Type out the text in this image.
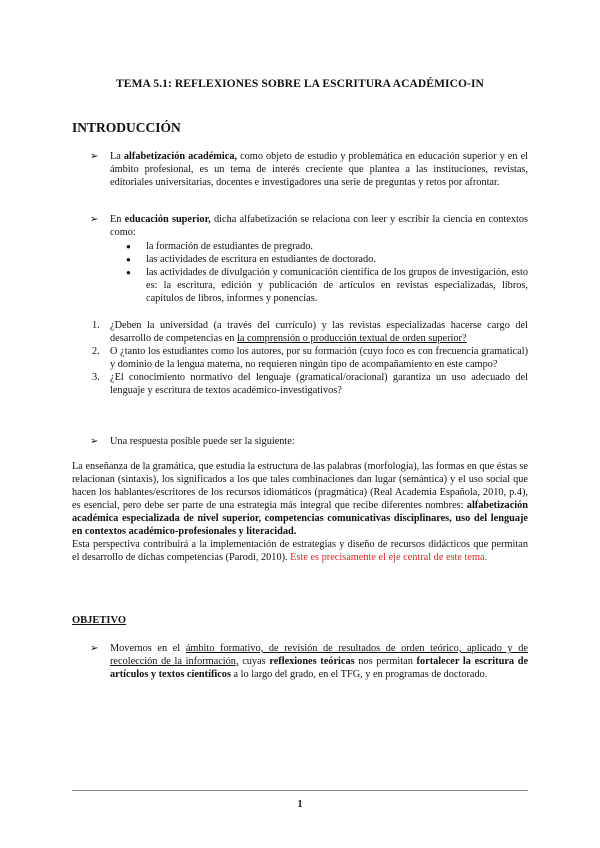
TEMA 5.1: REFLEXIONES SOBRE LA ESCRITURA ACADÉMICO-IN
INTRODUCCIÓN
➢ La alfabetización académica, como objeto de estudio y problemática en educación superior y en el ámbito profesional, es un tema de interés creciente que plantea a las instituciones, revistas, editoriales universitarias, docentes e investigadores una serie de preguntas y retos por afrontar.
➢ En educación superior, dicha alfabetización se relaciona con leer y escribir la ciencia en contextos como:
● la formación de estudiantes de pregrado.
● las actividades de escritura en estudiantes de doctorado.
● las actividades de divulgación y comunicación científica de los grupos de investigación, esto es: la escritura, edición y publicación de artículos en revistas especializadas, libros, capítulos de libros, informes y ponencias.
1. ¿Deben la universidad (a través del currículo) y las revistas especializadas hacerse cargo del desarrollo de competencias en la comprensión o producción textual de orden superior?
2. O ¿tanto los estudiantes como los autores, por su formación (cuyo foco es con frecuencia gramatical) y dominio de la lengua materna, no requieren ningún tipo de acompañamiento en este campo?
3. ¿El conocimiento normativo del lenguaje (gramatical/oracional) garantiza un uso adecuado del lenguaje y escritura de textos académico-investigativos?
➢ Una respuesta posible puede ser la siguiente:
La enseñanza de la gramática, que estudia la estructura de las palabras (morfología), las formas en que éstas se relacionan (sintaxis), los significados a los que tales combinaciones dan lugar (semántica) y el uso social que hacen los hablantes/escritores de los recursos idiomáticos (pragmática) (Real Academia Española, 2010, p.4), es esencial, pero debe ser parte de una estrategia más integral que recibe diferentes nombres: alfabetización académica especializada de nivel superior, competencias comunicativas disciplinares, uso del lenguaje en contextos académico-profesionales y literacidad.
Esta perspectiva contribuirá a la implementación de estrategias y diseño de recursos didácticos que permitan el desarrollo de dichas competencias (Parodi, 2010). Este es precisamente el eje central de este tema.
OBJETIVO
➢ Movernos en el ámbito formativo, de revisión de resultados de orden teórico, aplicado y de recolección de la información, cuyas reflexiones teóricas nos permitan fortalecer la escritura de artículos y textos científicos a lo largo del grado, en el TFG, y en programas de doctorado.
1
